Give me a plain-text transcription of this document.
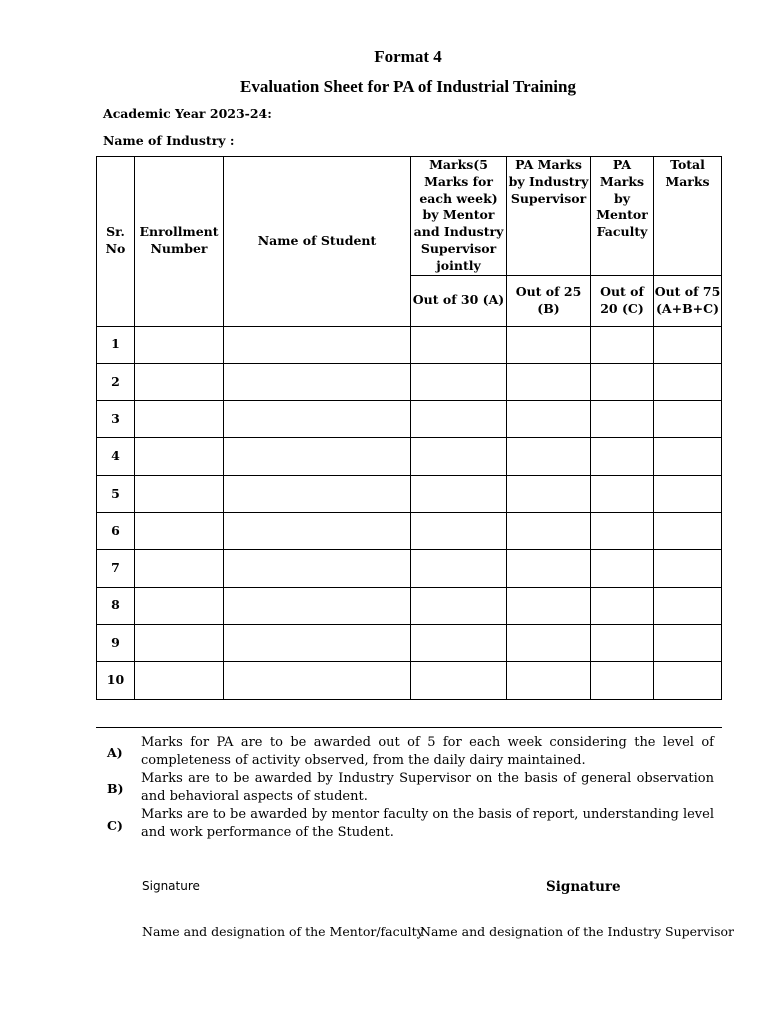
Format 4
Evaluation Sheet for PA of Industrial Training
Academic Year 2023-24:
Name of Industry :
Sr. No	Enrollment Number	Name of Student	Marks(5 Marks for each week) by Mentor and Industry Supervisor jointly	PA Marks by Industry Supervisor	PA Marks by Mentor Faculty	Total Marks
			Out of 30 (A)	Out of 25 (B)	Out of 20 (C)	Out of 75 (A+B+C)
1						
2						
3						
4						
5						
6						
7						
8						
9						
10						
A)
B)
C)

Marks for PA are to be awarded out of 5 for each week considering the level of completeness of activity observed, from the daily dairy maintained.

Marks are to be awarded by Industry Supervisor on the basis of general observation and behavioral aspects of student.

Marks are to be awarded by mentor faculty on the basis of report, understanding level and work performance of the Student.

Signature	Signature
Name and designation of the Mentor/faculty
Name and designation of the Industry Supervisor
